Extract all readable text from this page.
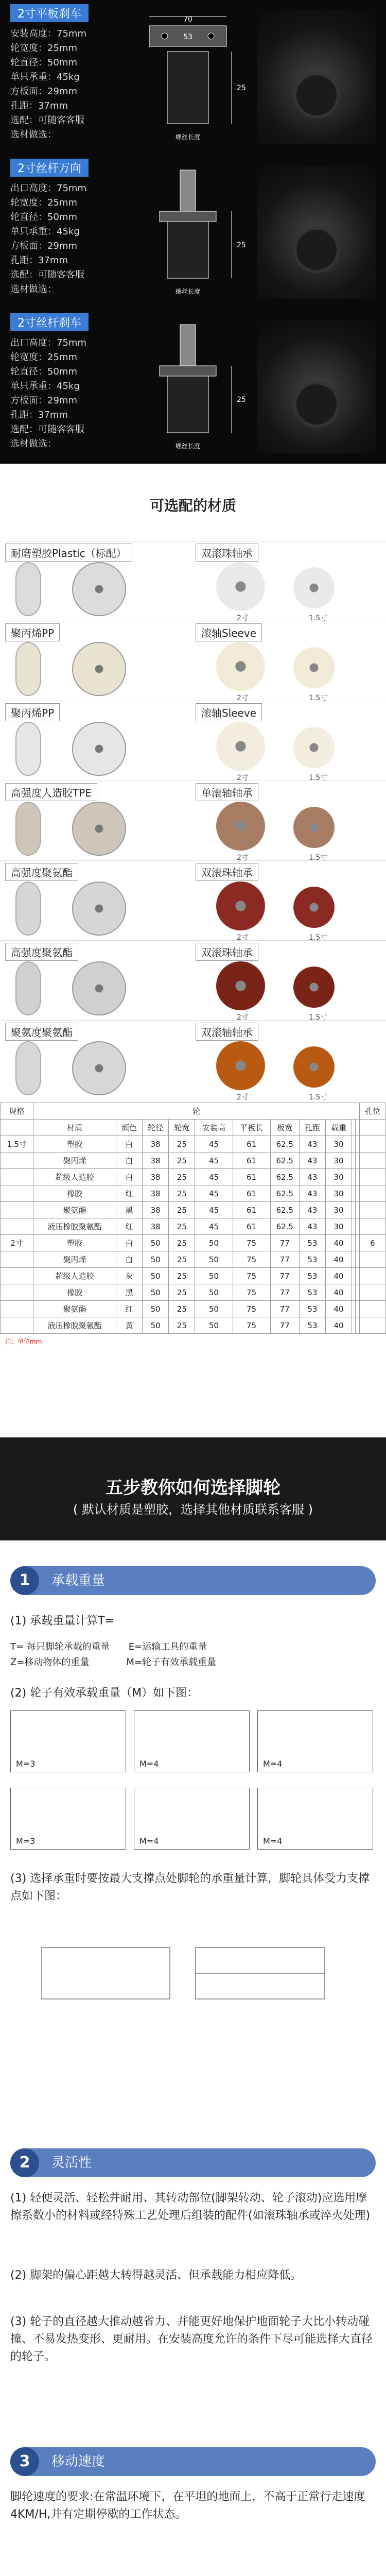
2寸平板刹车
安装高度：75mm
轮宽度：25mm
轮直径：50mm
单只承重：45kg
方板面：29mm
孔距：37mm
选配：可随客客服
选材做选：
70
53
25
螺丝长度
2寸丝杆万向
出口高度：75mm
轮宽度：25mm
轮直径：50mm
单只承重：45kg
方板面：29mm
孔距：37mm
选配：可随客客服
选材做选：
25
螺丝长度
2寸丝杆刹车
出口高度：75mm
轮宽度：25mm
轮直径：50mm
单只承重：45kg
方板面：29mm
孔距：37mm
选配：可随客客服
选材做选：
25
螺丝长度
可选配的材质
耐磨塑胶Plastic（标配）	双滚珠轴承
2寸	1.5寸
聚丙烯PP	滚轴Sleeve
2寸	1.5寸
聚丙烯PP	滚轴Sleeve
2寸	1.5寸
高强度人造胶TPE	单滚轴轴承
2寸	1.5寸
高强度聚氨酯	双滚珠轴承
2寸	1.5寸
高强度聚氨酯	双滚珠轴承
2寸	1.5寸
聚氨度聚氨酯	双滚轴轴承
2寸	1.5寸
规格	轮											孔位
	材质	颜色	轮径	轮宽	安装高	平板长	板宽	孔距	载重			
1.5寸	塑胶	白	38	25	45	61	62.5	43	30			
	聚丙烯	白	38	25	45	61	62.5	43	30			
	超级人造胶	白	38	25	45	61	62.5	43	30			
	橡胶	红	38	25	45	61	62.5	43	30			
	聚氨酯	黑	38	25	45	61	62.5	43	30			
	液压橡胶聚氨酯	红	38	25	45	61	62.5	43	30			
2寸	塑胶	白	50	25	50	75	77	53	40			6
	聚丙烯	白	50	25	50	75	77	53	40			
	超级人造胶	灰	50	25	50	75	77	53	40			
	橡胶	黑	50	25	50	75	77	53	40			
	聚氨酯	红	50	25	50	75	77	53	40			
	液压橡胶聚氨酯	黄	50	25	50	75	77	53	40			
注：单位mm
五步教你如何选择脚轮
( 默认材质是塑胶，选择其他材质联系客服 )
1	承载重量
(1) 承载重量计算T=
T= 每只脚轮承载的重量　　E=运输工具的重量
Z=移动物体的重量　　　　M=轮子有效承载重量
(2) 轮子有效承载重量（M）如下图：
M=3	M=4	M=4
M=3	M=4	M=4
(3) 选择承重时要按最大支撑点处脚轮的承重量计算，脚轮具体受力支撑点如下图：
2	灵活性
(1) 轻便灵活、轻松并耐用、其转动部位(脚架转动、轮子滚动)应选用摩擦系数小的材料或经特殊工艺处理后组装的配件(如滚珠轴承或淬火处理)
(2) 脚架的偏心距越大转得越灵活、但承载能力相应降低。
(3) 轮子的直径越大推动越省力、并能更好地保护地面轮子大比小转动碰撞、不易发热变形、更耐用。在安装高度允许的条件下尽可能选择大直径的轮子。
3	移动速度
脚轮速度的要求:在常温环境下，在平坦的地面上，不高于正常行走速度4KM/H,并有定期停歇的工作状态。
